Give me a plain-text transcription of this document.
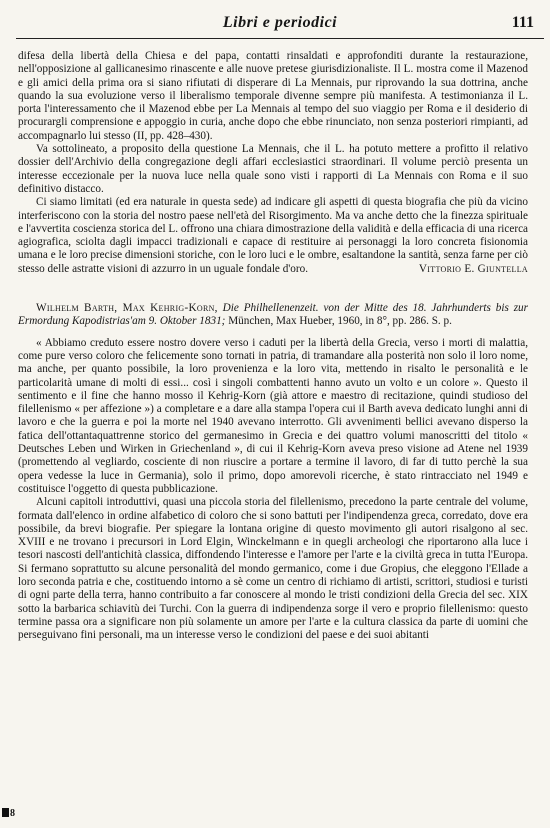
Libri e periodici	111

difesa della libertà della Chiesa e del papa, contatti rinsaldati e approfonditi durante la restaurazione, nell'opposizione al gallicanesimo rinascente e alle nuove pretese giurisdizionaliste. Il L. mostra come il Mazenod e gli amici della prima ora si siano rifiutati di disperare di La Mennais, pur riprovando la sua dottrina, anche quando la sua evoluzione verso il liberalismo temporale divenne sempre più manifesta. A testimonianza il L. porta l'interessamento che il Mazenod ebbe per La Mennais al tempo del suo viaggio per Roma e il desiderio di procurargli comprensione e appoggio in curia, anche dopo che ebbe rinunciato, non senza posteriori rimpianti, ad accompagnarlo lui stesso (II, pp. 428–430).

Va sottolineato, a proposito della questione La Mennais, che il L. ha potuto mettere a profitto il relativo dossier dell'Archivio della congregazione degli affari ecclesiastici straordinari. Il volume perciò presenta un interesse eccezionale per la nuova luce nella quale sono visti i rapporti di La Mennais con Roma e il suo definitivo distacco.

Ci siamo limitati (ed era naturale in questa sede) ad indicare gli aspetti di questa biografia che più da vicino interferiscono con la storia del nostro paese nell'età del Risorgimento. Ma va anche detto che la finezza spirituale e l'avvertita coscienza storica del L. offrono una chiara dimostrazione della validità e della efficacia di una ricerca agiografica, sciolta dagli impacci tradizionali e capace di restituire ai personaggi la loro concreta fisionomia umana e le loro precise dimensioni storiche, con le loro luci e le ombre, esaltandone la santità, senza farne per ciò stesso delle astratte visioni di azzurro in un uguale fondale d'oro.	Vittorio E. Giuntella

Wilhelm Barth, Max Kehrig-Korn, Die Philhellenenzeit. von der Mitte des 18. Jahrhunderts bis zur Ermordung Kapodistrias'am 9. Oktober 1831; München, Max Hueber, 1960, in 8°, pp. 286. S. p.

« Abbiamo creduto essere nostro dovere verso i caduti per la libertà della Grecia, verso i morti di malattia, come pure verso coloro che felicemente sono tornati in patria, di tramandare alla posterità non solo il loro nome, ma anche, per quanto possibile, la loro provenienza e la loro vita, mettendo in risalto le personalità e le particolarità umane di molti di essi... così i singoli combattenti hanno avuto un volto e un colore ». Questo il sentimento e il fine che hanno mosso il Kehrig-Korn (già attore e maestro di recitazione, quindi studioso del filellenismo « per affezione ») a completare e a dare alla stampa l'opera cui il Barth aveva dedicato lunghi anni di lavoro e che la guerra e poi la morte nel 1940 avevano interrotto. Gli avvenimenti bellici avevano disperso la fatica dell'ottantaquattrenne storico del germanesimo in Grecia e dei quattro volumi manoscritti del titolo « Deutsches Leben und Wirken in Griechenland », di cui il Kehrig-Korn aveva preso visione ad Atene nel 1939 (promettendo al vegliardo, cosciente di non riuscire a portare a termine il lavoro, di far di tutto perchè la sua opera vedesse la luce in Germania), solo il primo, dopo amorevoli ricerche, è stato rintracciato nel 1949 e costituisce l'oggetto di questa pubblicazione.

Alcuni capitoli introduttivi, quasi una piccola storia del filellenismo, precedono la parte centrale del volume, formata dall'elenco in ordine alfabetico di coloro che si sono battuti per l'indipendenza greca, corredato, dove era possibile, da brevi biografie. Per spiegare la lontana origine di questo movimento gli autori risalgono al sec. XVIII e ne trovano i precursori in Lord Elgin, Winckelmann e in quegli archeologi che riportarono alla luce i tesori nascosti dell'antichità classica, diffondendo l'interesse e l'amore per l'arte e la civiltà greca in tutta l'Europa. Si fermano soprattutto su alcune personalità del mondo germanico, come i due Gropius, che eleggono l'Ellade a loro seconda patria e che, costituendo intorno a sè come un centro di richiamo di artisti, scrittori, studiosi e turisti di ogni parte della terra, hanno contribuito a far conoscere al mondo le tristi condizioni della Grecia del sec. XIX sotto la barbarica schiavitù dei Turchi. Con la guerra di indipendenza sorge il vero e proprio filellenismo: questo termine passa ora a significare non più solamente un amore per l'arte e la cultura classica da parte di uomini che perseguivano fini personali, ma un interesse verso le condizioni del paese e dei suoi abitanti

8
